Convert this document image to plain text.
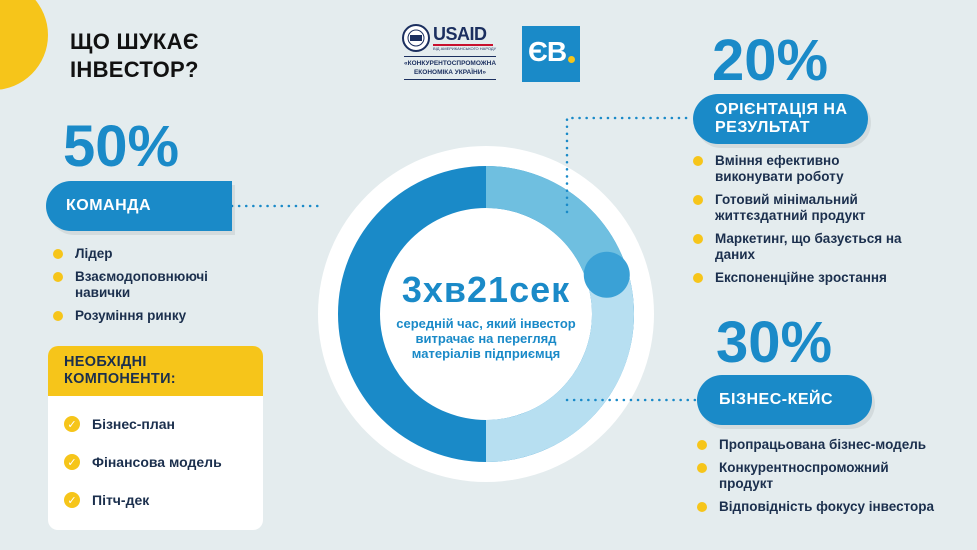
ЩО ШУКАЄ ІНВЕСТОР?
USAID
ВІД АМЕРИКАНСЬКОГО НАРОДУ
«КОНКУРЕНТОСПРОМОЖНА ЕКОНОМІКА УКРАЇНИ»
ЄВ
3хв21сек
середній час, який інвестор витрачає на перегляд матеріалів підприємця
50%
КОМАНДА
Лідер
Взаємодоповнюючі навички
Розуміння ринку
НЕОБХІДНІ КОМПОНЕНТИ:
✓ Бізнес-план
✓ Фінансова модель
✓ Пітч-дек
20%
ОРІЄНТАЦІЯ НА РЕЗУЛЬТАТ
Вміння ефективно виконувати роботу
Готовий мінімальний життєздатний продукт
Маркетинг, що базується на даних
Експоненційне зростання
30%
БІЗНЕС-КЕЙС
Пропрацьована бізнес-модель
Конкурентноспроможний продукт
Відповідність фокусу інвестора
